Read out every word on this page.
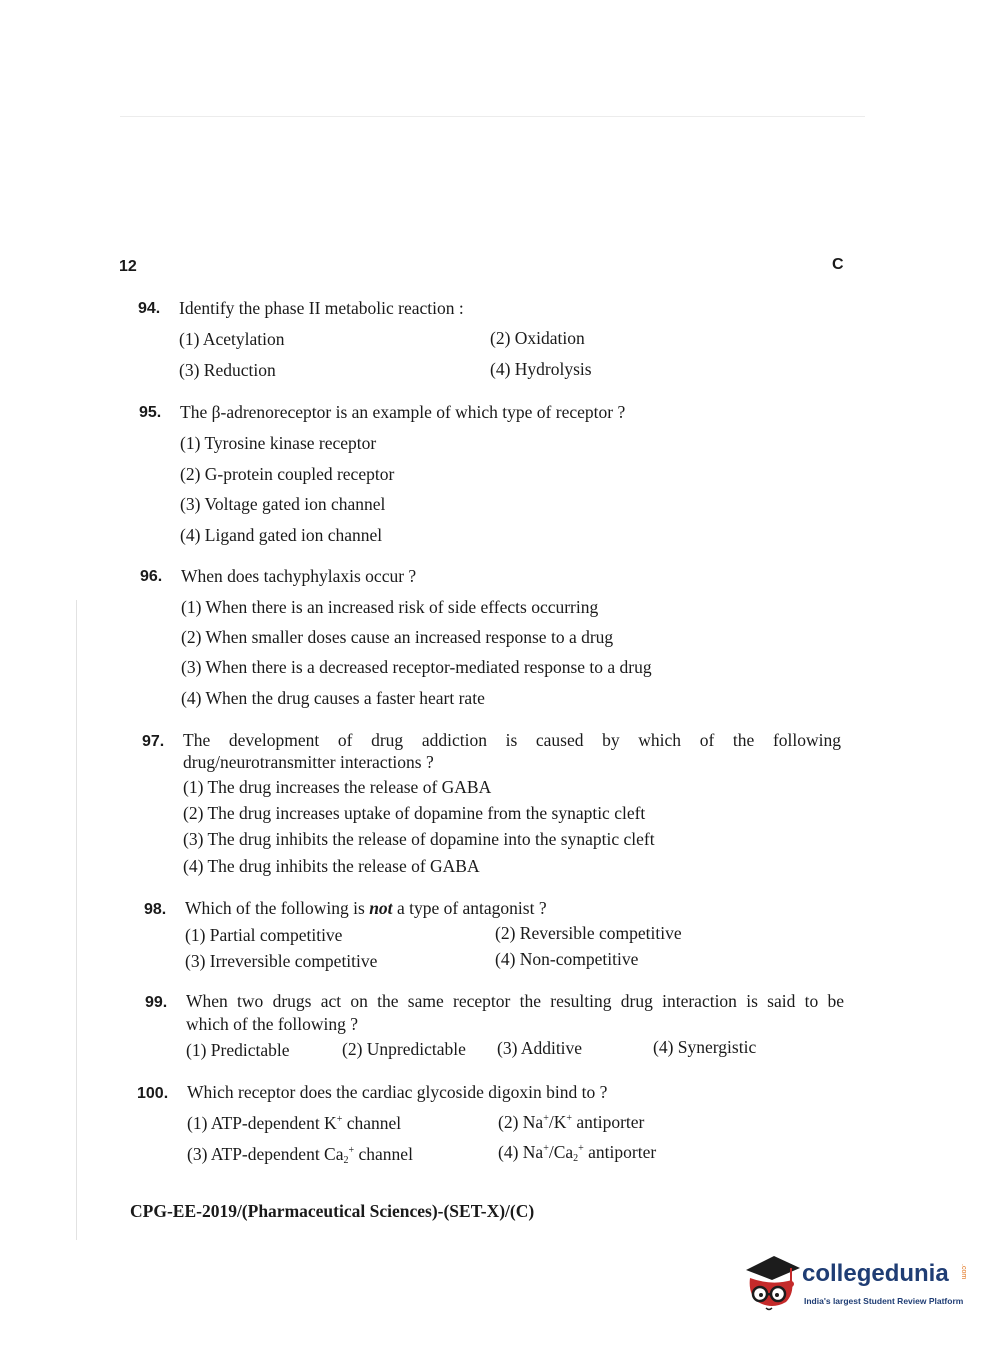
12	C
94. Identify the phase II metabolic reaction :
(1) Acetylation	(2) Oxidation
(3) Reduction	(4) Hydrolysis
95. The β-adrenoreceptor is an example of which type of receptor ?
(1) Tyrosine kinase receptor
(2) G-protein coupled receptor
(3) Voltage gated ion channel
(4) Ligand gated ion channel
96. When does tachyphylaxis occur ?
(1) When there is an increased risk of side effects occurring
(2) When smaller doses cause an increased response to a drug
(3) When there is a decreased receptor-mediated response to a drug
(4) When the drug causes a faster heart rate
97. The development of drug addiction is caused by which of the following
drug/neurotransmitter interactions ?
(1) The drug increases the release of GABA
(2) The drug increases uptake of dopamine from the synaptic cleft
(3) The drug inhibits the release of dopamine into the synaptic cleft
(4) The drug inhibits the release of GABA
98. Which of the following is not a type of antagonist ?
(1) Partial competitive	(2) Reversible competitive
(3) Irreversible competitive	(4) Non-competitive
99. When two drugs act on the same receptor the resulting drug interaction is said to be
which of the following ?
(1) Predictable	(2) Unpredictable (3) Additive	(4) Synergistic
100. Which receptor does the cardiac glycoside digoxin bind to ?
(1) ATP-dependent K+ channel	(2) Na+/K+ antiporter
(3) ATP-dependent $Ca_2^+$ channel	(4) $Na^+/Ca_2^+$ antiporter
CPG-EE-2019/(Pharmaceutical Sciences)-(SET-X)/(C)
collegedunia .com
India's largest Student Review Platform
